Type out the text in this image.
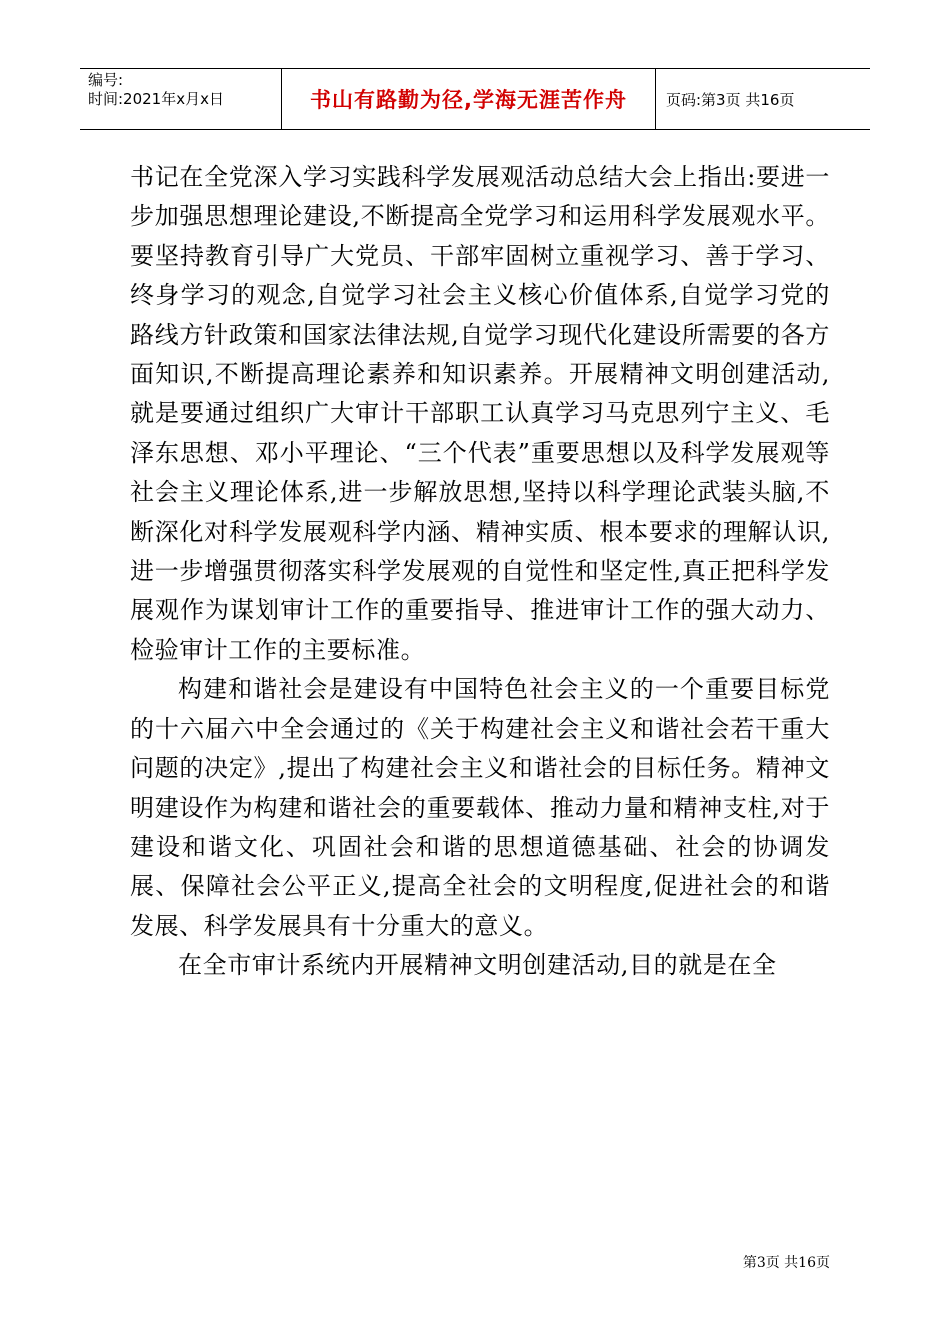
编号:
时间:2021年x月x日	书山有路勤为径,学海无涯苦作舟	页码:第3页 共16页

书记在全党深入学习实践科学发展观活动总结大会上指出:要进一步加强思想理论建设,不断提高全党学习和运用科学发展观水平。要坚持教育引导广大党员、干部牢固树立重视学习、善于学习、终身学习的观念,自觉学习社会主义核心价值体系,自觉学习党的路线方针政策和国家法律法规,自觉学习现代化建设所需要的各方面知识,不断提高理论素养和知识素养。开展精神文明创建活动,就是要通过组织广大审计干部职工认真学习马克思列宁主义、毛泽东思想、邓小平理论、“三个代表”重要思想以及科学发展观等社会主义理论体系,进一步解放思想,坚持以科学理论武装头脑,不断深化对科学发展观科学内涵、精神实质、根本要求的理解认识,进一步增强贯彻落实科学发展观的自觉性和坚定性,真正把科学发展观作为谋划审计工作的重要指导、推进审计工作的强大动力、检验审计工作的主要标准。

构建和谐社会是建设有中国特色社会主义的一个重要目标党的十六届六中全会通过的《关于构建社会主义和谐社会若干重大问题的决定》,提出了构建社会主义和谐社会的目标任务。精神文明建设作为构建和谐社会的重要载体、推动力量和精神支柱,对于建设和谐文化、巩固社会和谐的思想道德基础、社会的协调发展、保障社会公平正义,提高全社会的文明程度,促进社会的和谐发展、科学发展具有十分重大的意义。

在全市审计系统内开展精神文明创建活动,目的就是在全

第3页 共16页
